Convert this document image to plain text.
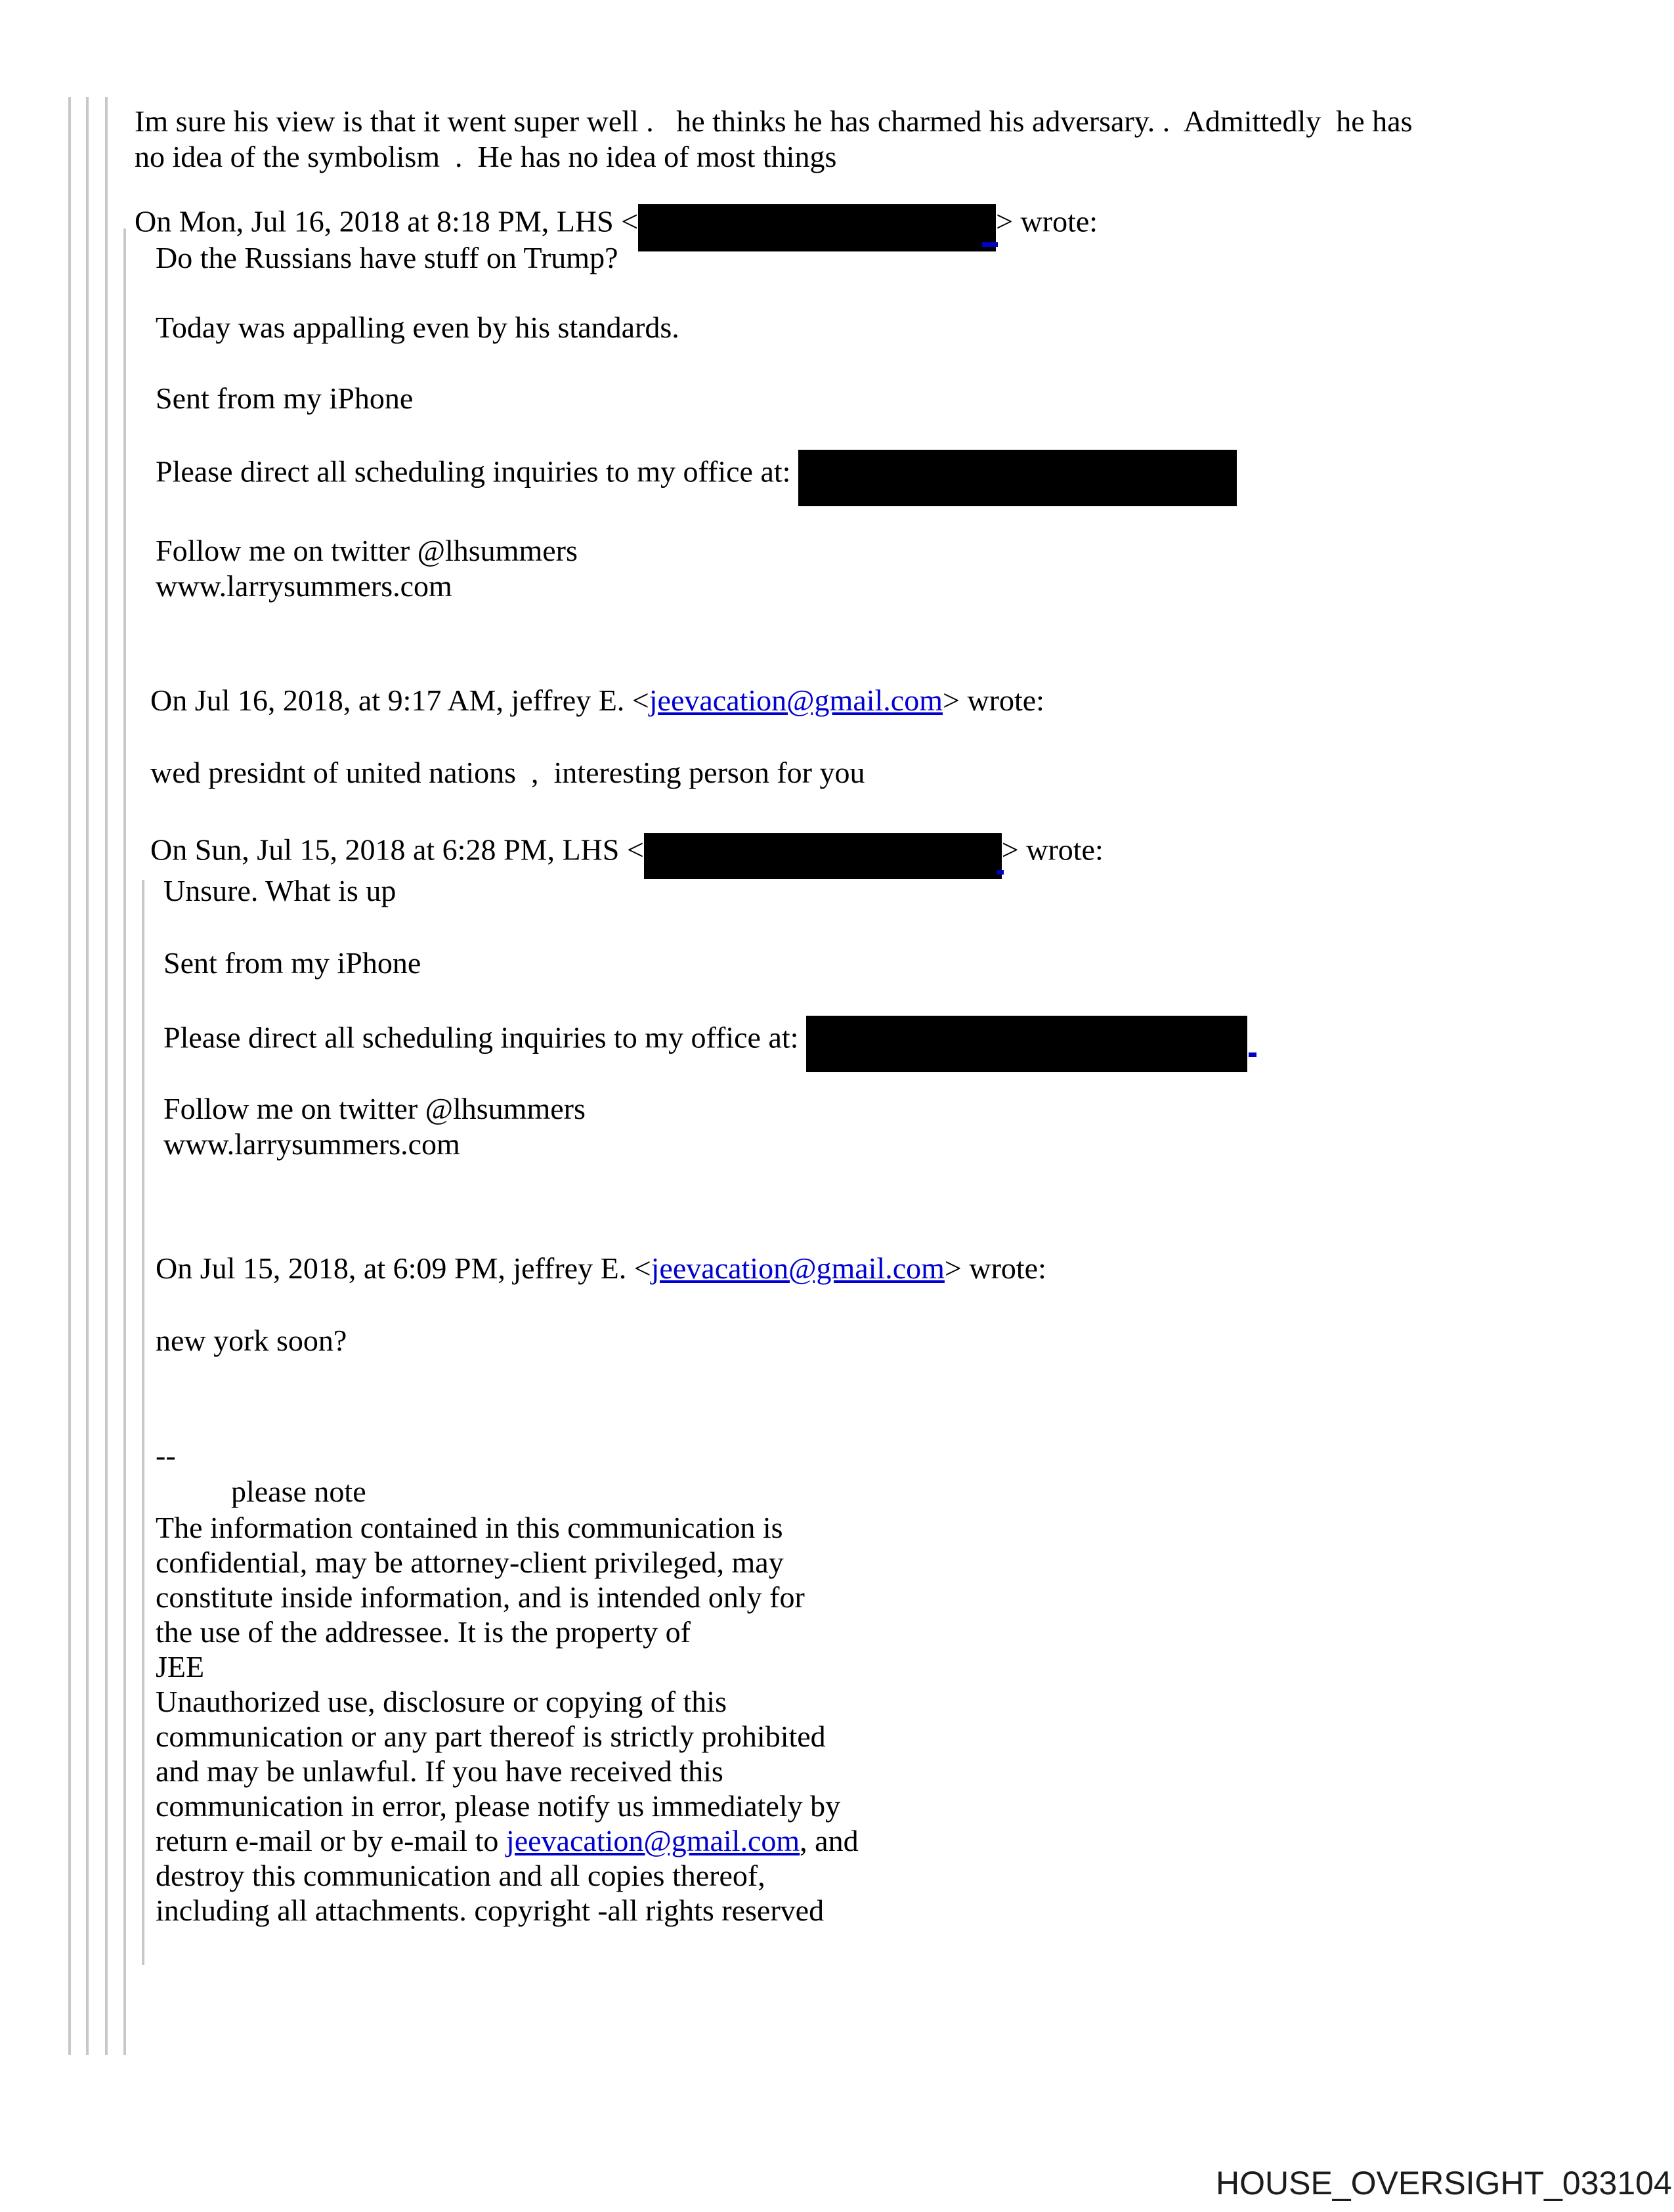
Im sure his view is that it went super well .   he thinks he has charmed his adversary. .  Admittedly  he has
no idea of the symbolism  .  He has no idea of most things
On Mon, Jul 16, 2018 at 8:18 PM, LHS <	> wrote:
Do the Russians have stuff on Trump?
Today was appalling even by his standards.
Sent from my iPhone
Please direct all scheduling inquiries to my office at:
Follow me on twitter @lhsummers
www.larrysummers.com
On Jul 16, 2018, at 9:17 AM, jeffrey E. <jeevacation@gmail.com> wrote:
wed presidnt of united nations  ,  interesting person for you
On Sun, Jul 15, 2018 at 6:28 PM, LHS <	> wrote:
Unsure. What is up
Sent from my iPhone
Please direct all scheduling inquiries to my office at:
Follow me on twitter @lhsummers
www.larrysummers.com
On Jul 15, 2018, at 6:09 PM, jeffrey E. <jeevacation@gmail.com> wrote:
new york soon?
--
please note
The information contained in this communication is
confidential, may be attorney-client privileged, may
constitute inside information, and is intended only for
the use of the addressee. It is the property of
JEE
Unauthorized use, disclosure or copying of this
communication or any part thereof is strictly prohibited
and may be unlawful. If you have received this
communication in error, please notify us immediately by
return e-mail or by e-mail to jeevacation@gmail.com, and
destroy this communication and all copies thereof,
including all attachments. copyright -all rights reserved
HOUSE_OVERSIGHT_033104
